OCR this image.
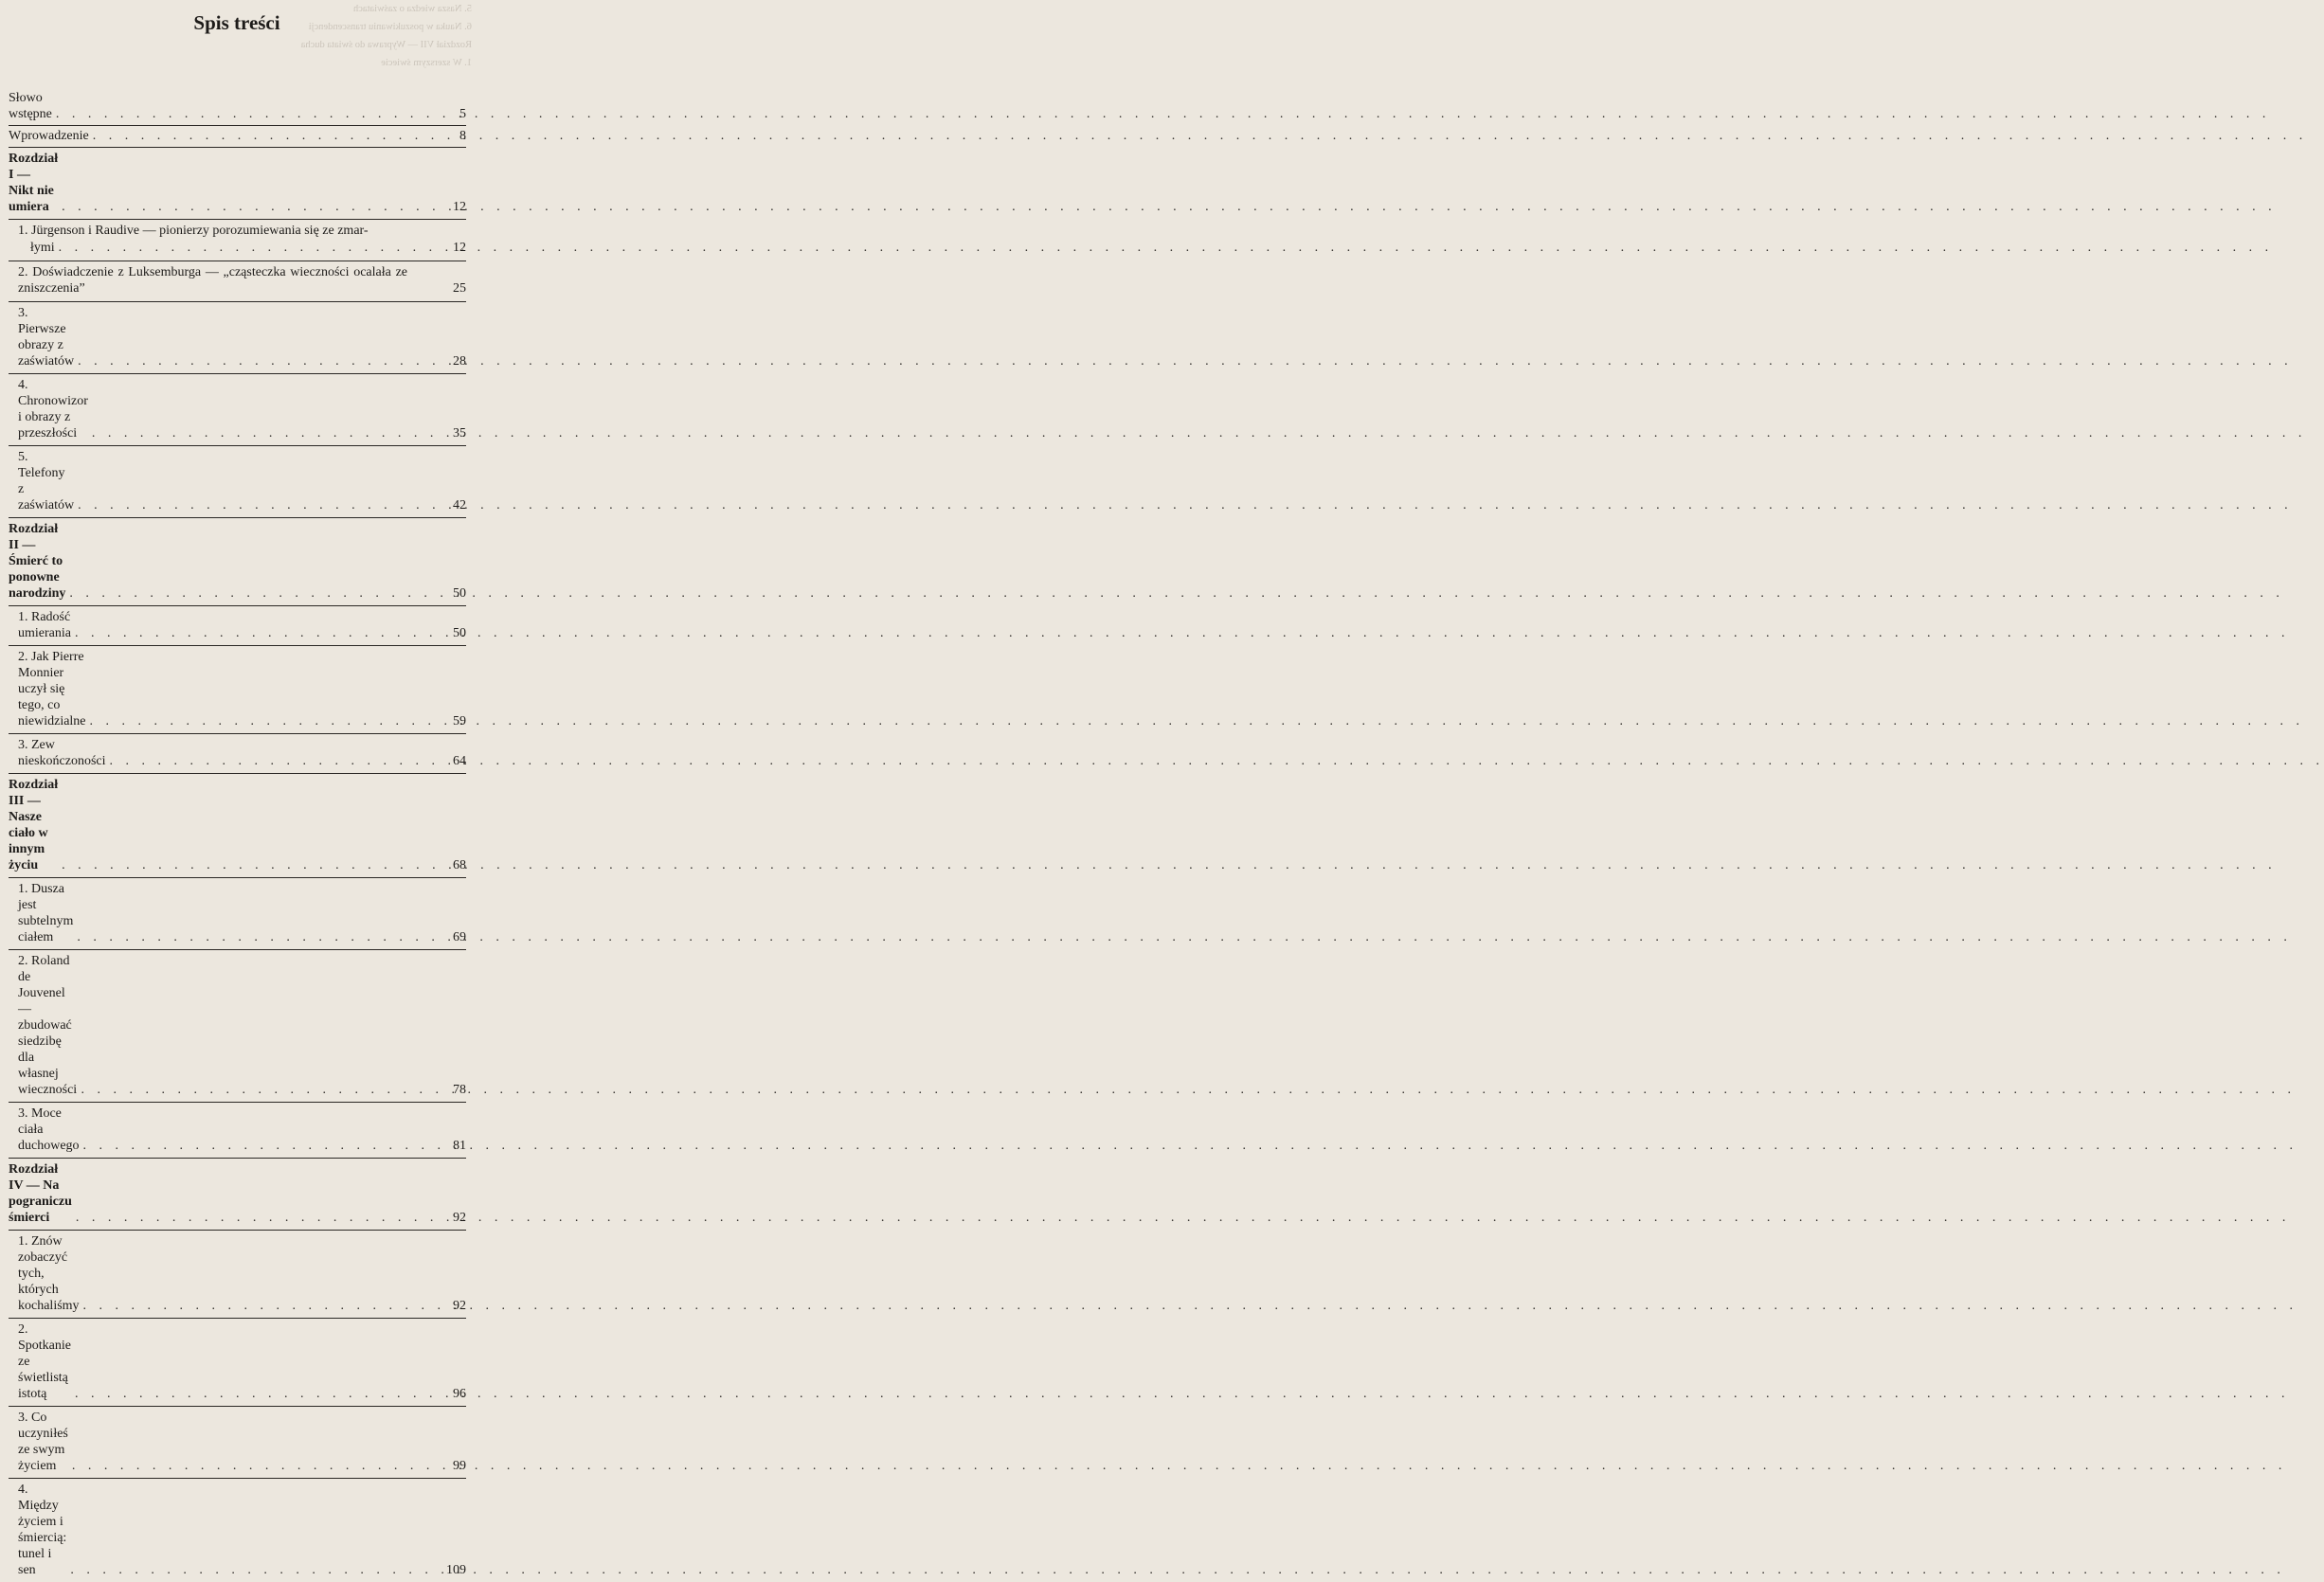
5. Nasza wiedza o zaświatach
6. Nauka w poszukiwaniu transcendencji
Rozdział VII — Wyprawa do świata ducha
1. W szerszym świecie
Spis treści
Słowo wstępne . . .	5
Wprowadzenie . . .	8
Rozdział I — Nikt nie umiera . . .	12
1. Jürgenson i Raudive — pionierzy porozumiewania się ze zmar-
łymi . . .	12
2. Doświadczenie z Luksemburga — „cząsteczka wieczności ocalała ze zniszczenia”	25
3. Pierwsze obrazy z zaświatów . . .	28
4. Chronowizor i obrazy z przeszłości . . .	35
5. Telefony z zaświatów . . .	42
Rozdział II — Śmierć to ponowne narodziny . . .	50
1. Radość umierania . . .	50
2. Jak Pierre Monnier uczył się tego, co niewidzialne . . .	59
3. Zew nieskończoności . . .	64
Rozdział III — Nasze ciało w innym życiu . . .	68
1. Dusza jest subtelnym ciałem . . .	69
2. Roland de Jouvenel — zbudować siedzibę dla własnej wieczności . . .	78
3. Moce ciała duchowego . . .	81
Rozdział IV — Na pograniczu śmierci . . .	92
1. Znów zobaczyć tych, których kochaliśmy . . .	92
2. Spotkanie ze świetlistą istotą . . .	96
3. Co uczyniłeś ze swym życiem . . .	99
4. Między życiem i śmiercią: tunel i sen . . .	109
